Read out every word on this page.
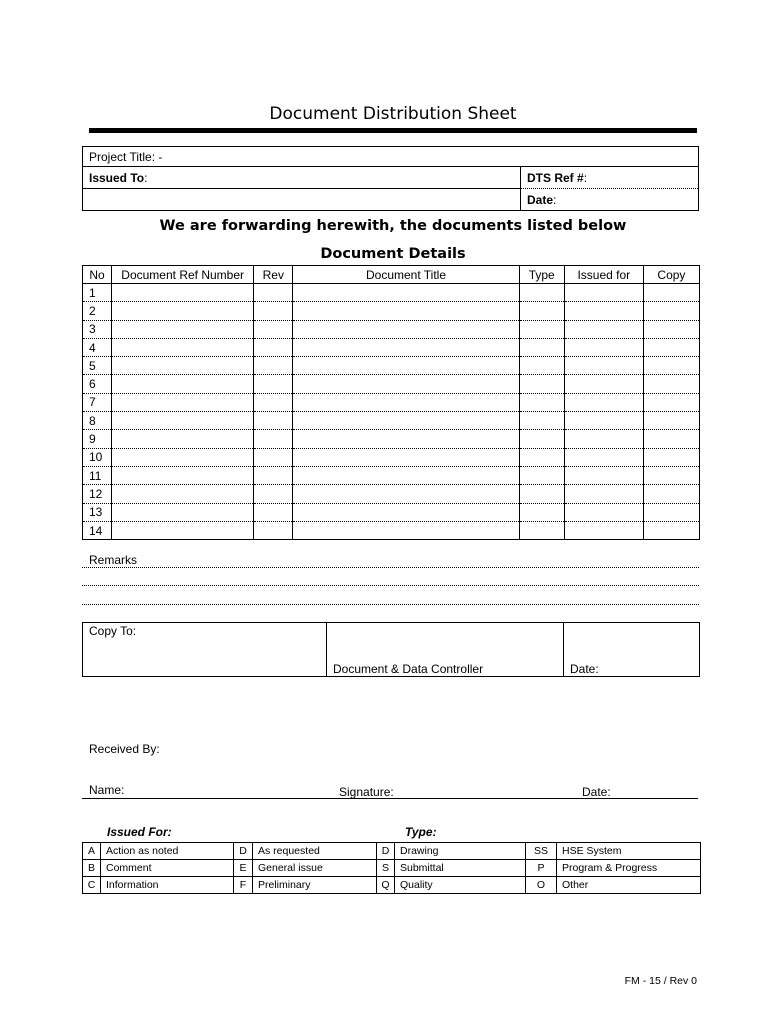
Document Distribution Sheet
Project Title: -	
Issued To:	DTS Ref #:
	Date:
We are forwarding herewith, the documents listed below
Document Details
No	Document Ref Number	Rev	Document Title	Type	Issued for	Copy
1						
2						
3						
4						
5						
6						
7						
8						
9						
10						
11						
12						
13						
14						
Remarks
Copy To:

Document & Data Controller	Date:
Received By:
Name:	Signature:	Date:
Issued For:	Type:
A	Action as noted	D	As requested	D	Drawing	SS	HSE System
B	Comment	E	General issue	S	Submittal	P	Program & Progress
C	Information	F	Preliminary	Q	Quality	O	Other
FM - 15 / Rev 0
